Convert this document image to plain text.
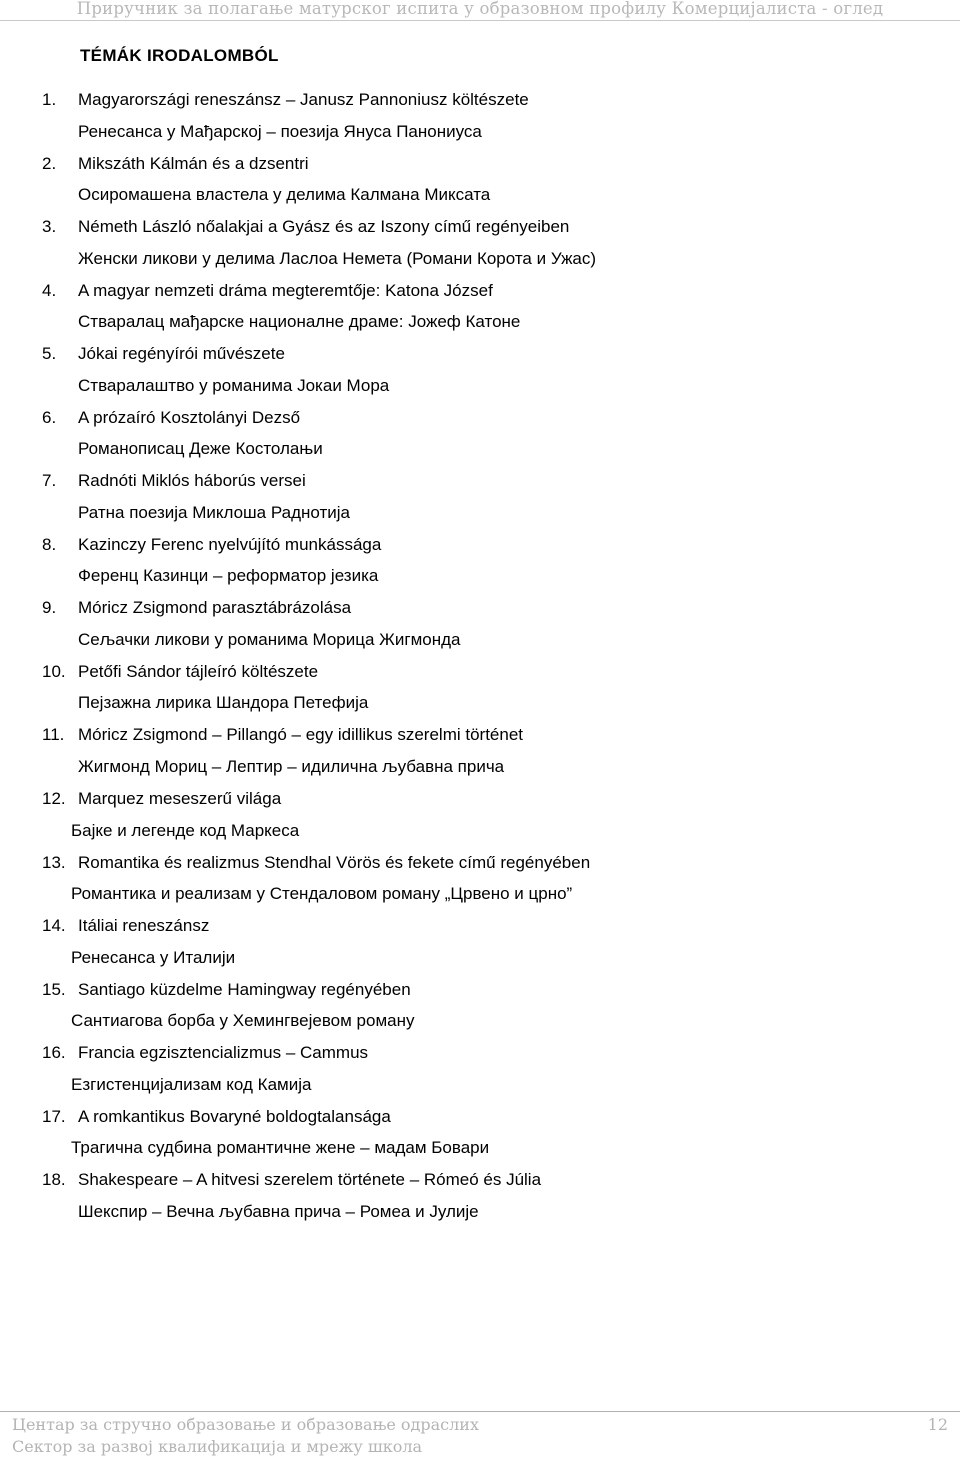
Приручник за полагање матурског испита у образовном профилу Комерцијалиста - оглед
TÉMÁK IRODALOMBÓL
1.	Magyarországi reneszánsz – Janusz Pannoniusz költészete
Ренесанса у Мађарској – поезија Януса Панониуса
2.	Mikszáth Kálmán és a dzsentri
Осиромашена властела у делима Калмана Миксата
3.	Németh László nőalakjai a Gyász és az Iszony című regényeiben
Женски ликови у делима Ласлоа Немета (Романи Корота и Ужас)
4.	A magyar nemzeti dráma megteremtője: Katona József
Стваралац мађарске националне драме: Јожеф Катоне
5.	Jókai regényírói művészete
Стваралаштво у романима Јокаи Мора
6.	A prózaíró Kosztolányi Dezső
Романописац Деже Костолањи
7.	Radnóti Miklós háborús versei
Ратна поезија Миклоша Раднотија
8.	Kazinczy Ferenc nyelvújító munkássága
Ференц Казинци – реформатор језика
9.	Móricz Zsigmond parasztábrázolása
Сељачки ликови у романима Морица Жигмонда
10. Petőfi Sándor tájleíró költészete
Пејзажна лирика Шандора Петефија
11. Móricz Zsigmond – Pillangó – egy idillikus szerelmi történet
Жигмонд Мориц – Лептир – идилична љубавна прича
12. Marquez meseszerű világa
Бајке и легенде код Маркеса
13. Romantika és realizmus Stendhal Vörös és fekete című regényében
Романтика и реализам у Стендаловом роману „Црвено и црно”
14. Itáliai reneszánsz
Ренесанса у Италији
15. Santiago küzdelme Hamingway regényében
Сантиагова борба у Хемингвејевом роману
16. Francia egzisztencializmus – Cammus
Езгистенцијализам код Камија
17. A romkantikus Bovaryné boldogtalansága
Трагична судбина романтичне жене – мадам Бовари
18. Shakespeare – A hitvesi szerelem története – Rómeó és Júlia
Шекспир – Вечна љубавна прича – Ромеа и Јулије
Центар за стручно образовање и образовање одраслих
Сектор за развој квалификација и мрежу школа
12
